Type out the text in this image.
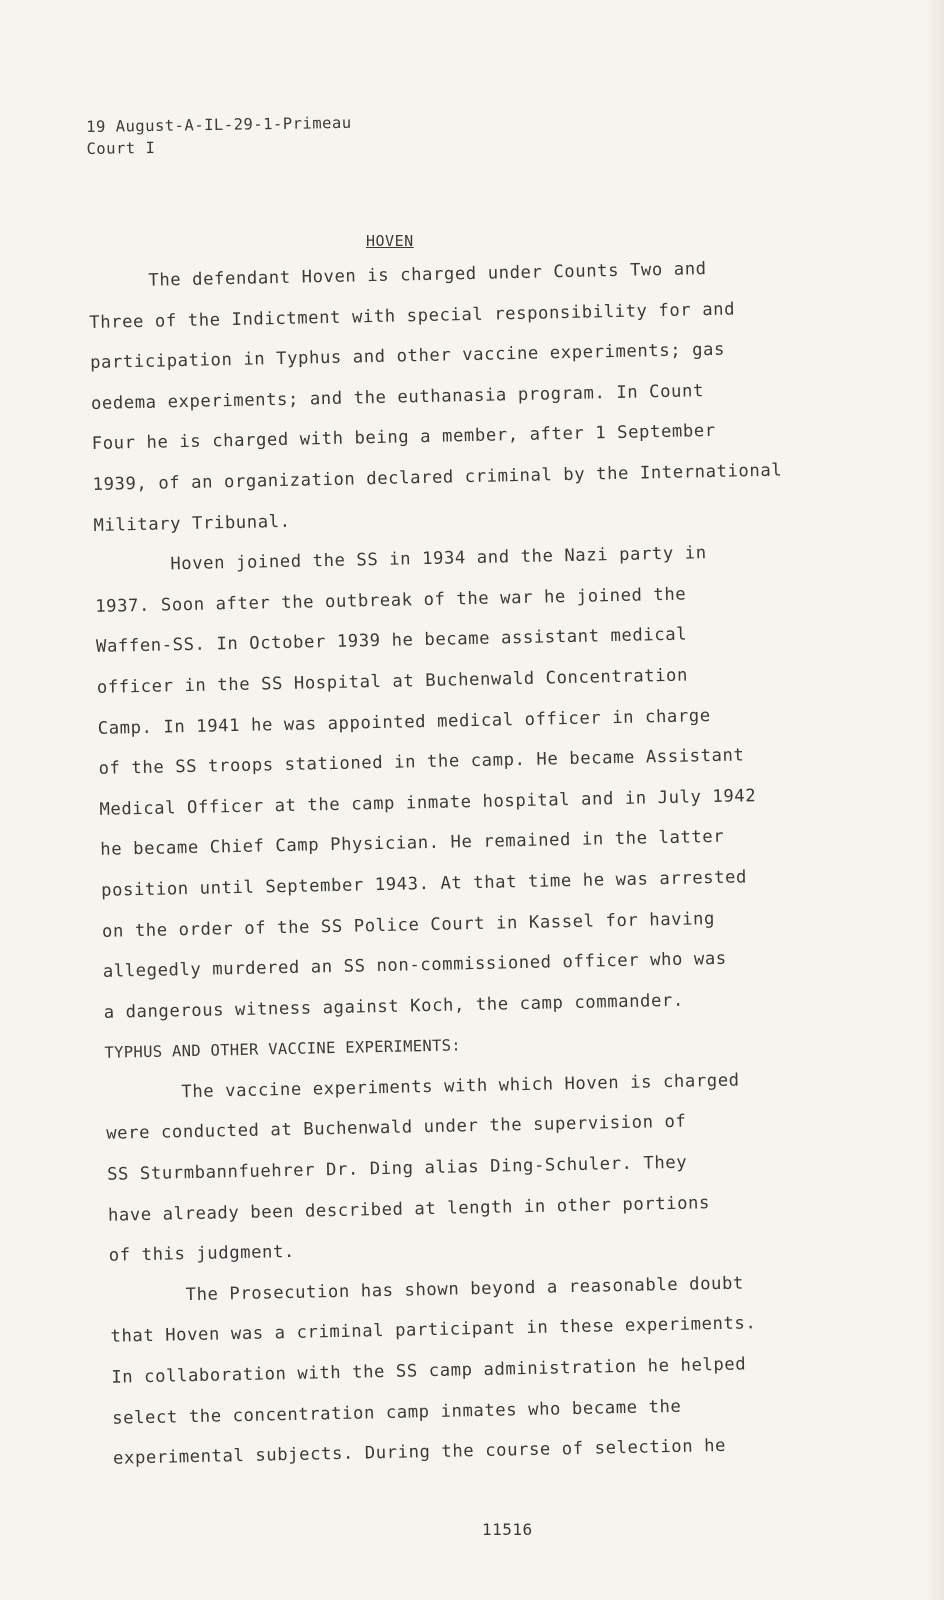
19 August-A-IL-29-1-Primeau
Court I
HOVEN

The defendant Hoven is charged under Counts Two and
Three of the Indictment with special responsibility for and
participation in Typhus and other vaccine experiments; gas
oedema experiments; and the euthanasia program. In Count
Four he is charged with being a member, after 1 September
1939, of an organization declared criminal by the International
Military Tribunal.

Hoven joined the SS in 1934 and the Nazi party in
1937. Soon after the outbreak of the war he joined the
Waffen-SS. In October 1939 he became assistant medical
officer in the SS Hospital at Buchenwald Concentration
Camp. In 1941 he was appointed medical officer in charge
of the SS troops stationed in the camp. He became Assistant
Medical Officer at the camp inmate hospital and in July 1942
he became Chief Camp Physician. He remained in the latter
position until September 1943. At that time he was arrested
on the order of the SS Police Court in Kassel for having
allegedly murdered an SS non-commissioned officer who was
a dangerous witness against Koch, the camp commander.

TYPHUS AND OTHER VACCINE EXPERIMENTS:

The vaccine experiments with which Hoven is charged
were conducted at Buchenwald under the supervision of
SS Sturmbannfuehrer Dr. Ding alias Ding-Schuler. They
have already been described at length in other portions
of this judgment.

The Prosecution has shown beyond a reasonable doubt
that Hoven was a criminal participant in these experiments.
In collaboration with the SS camp administration he helped
select the concentration camp inmates who became the
experimental subjects. During the course of selection he

11516
